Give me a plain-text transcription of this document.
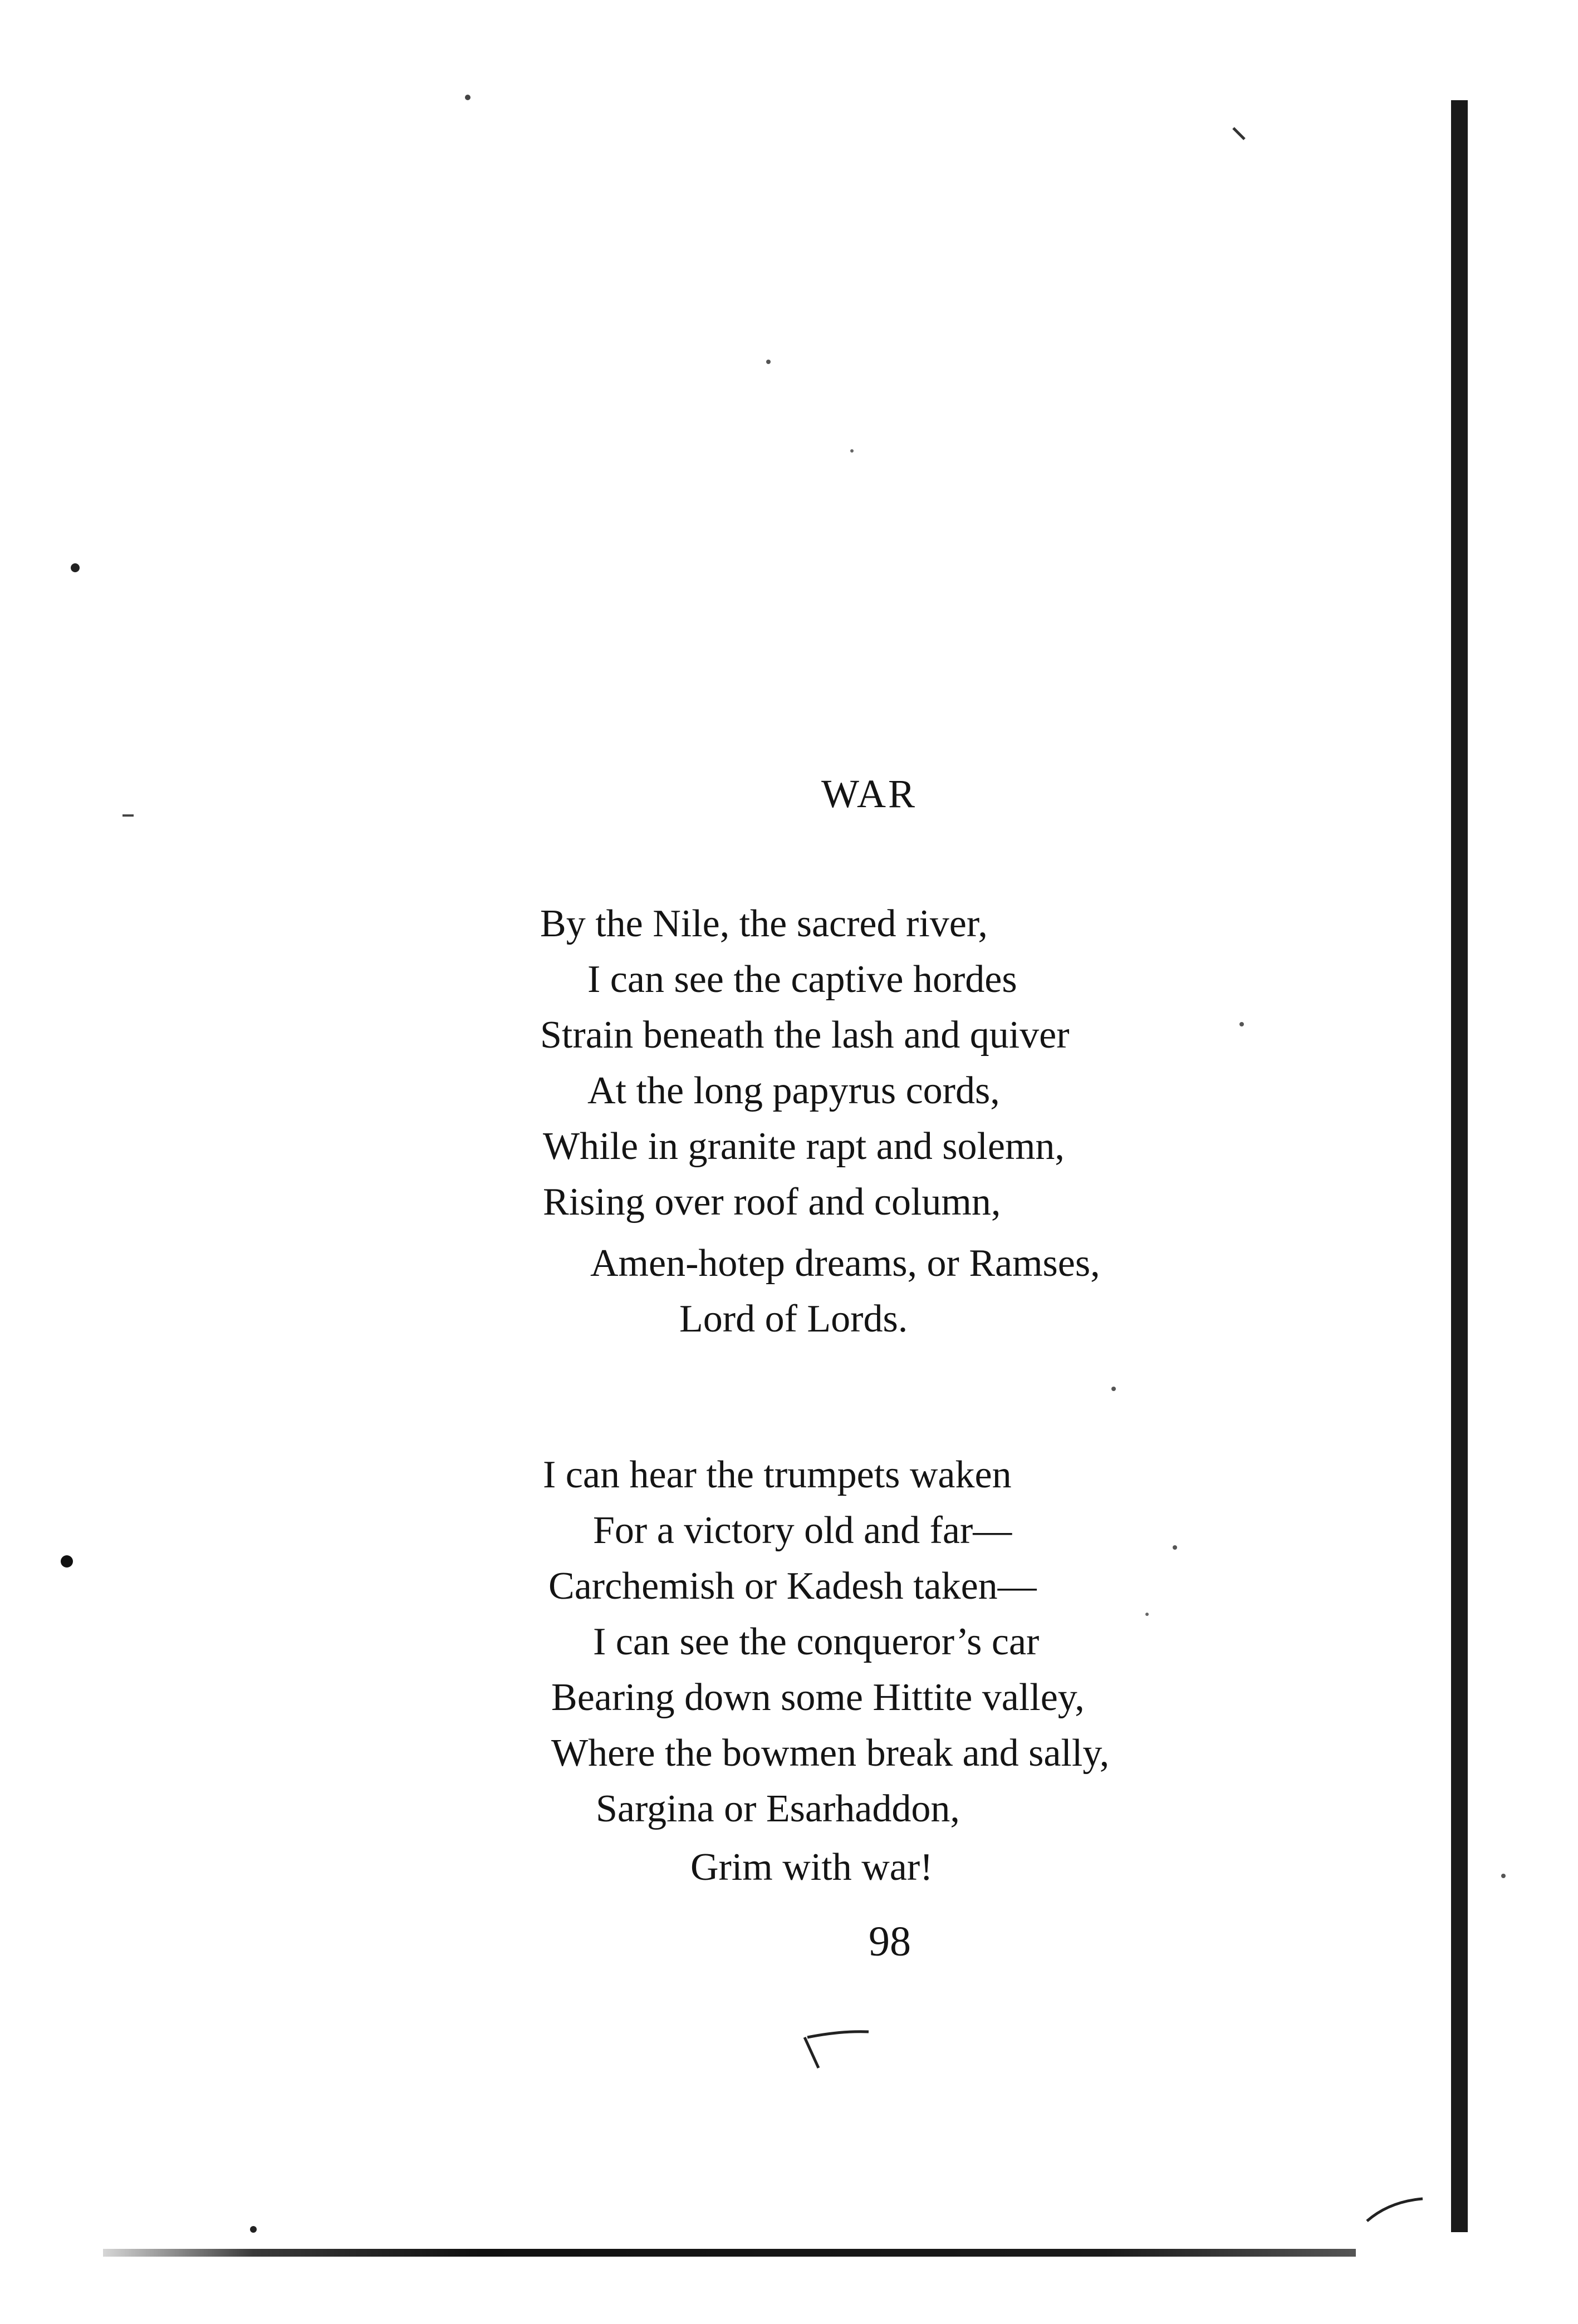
WAR
By the Nile, the sacred river,
I can see the captive hordes
Strain beneath the lash and quiver
At the long papyrus cords,
While in granite rapt and solemn,
Rising over roof and column,
Amen-hotep dreams, or Ramses,
Lord of Lords.
I can hear the trumpets waken
For a victory old and far—
Carchemish or Kadesh taken—
I can see the conqueror’s car
Bearing down some Hittite valley,
Where the bowmen break and sally,
Sargina or Esarhaddon,
Grim with war!
98
